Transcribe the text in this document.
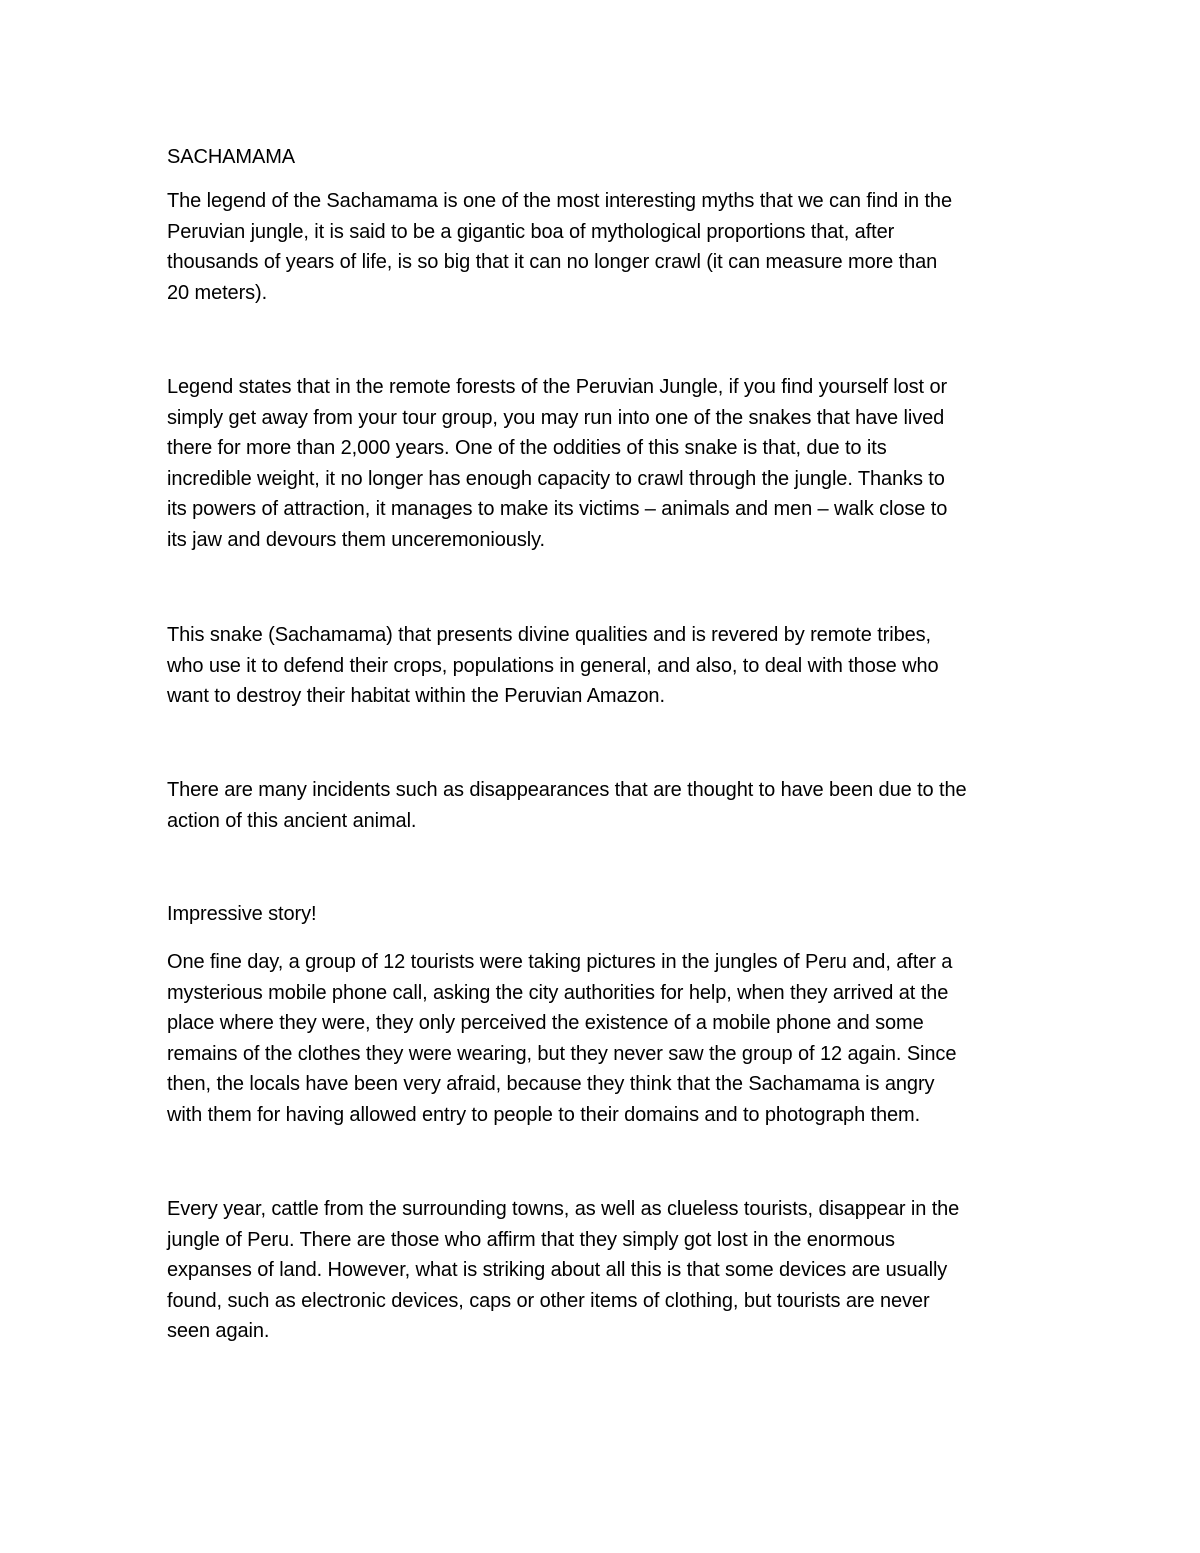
SACHAMAMA
The legend of the Sachamama is one of the most interesting myths that we can find in the
Peruvian jungle, it is said to be a gigantic boa of mythological proportions that, after
thousands of years of life, is so big that it can no longer crawl (it can measure more than
20 meters).
Legend states that in the remote forests of the Peruvian Jungle, if you find yourself lost or
simply get away from your tour group, you may run into one of the snakes that have lived
there for more than 2,000 years. One of the oddities of this snake is that, due to its
incredible weight, it no longer has enough capacity to crawl through the jungle. Thanks to
its powers of attraction, it manages to make its victims – animals and men – walk close to
its jaw and devours them unceremoniously.
This snake (Sachamama) that presents divine qualities and is revered by remote tribes,
who use it to defend their crops, populations in general, and also, to deal with those who
want to destroy their habitat within the Peruvian Amazon.
There are many incidents such as disappearances that are thought to have been due to the
action of this ancient animal.
Impressive story!
One fine day, a group of 12 tourists were taking pictures in the jungles of Peru and, after a
mysterious mobile phone call, asking the city authorities for help, when they arrived at the
place where they were, they only perceived the existence of a mobile phone and some
remains of the clothes they were wearing, but they never saw the group of 12 again. Since
then, the locals have been very afraid, because they think that the Sachamama is angry
with them for having allowed entry to people to their domains and to photograph them.
Every year, cattle from the surrounding towns, as well as clueless tourists, disappear in the
jungle of Peru. There are those who affirm that they simply got lost in the enormous
expanses of land. However, what is striking about all this is that some devices are usually
found, such as electronic devices, caps or other items of clothing, but tourists are never
seen again.
